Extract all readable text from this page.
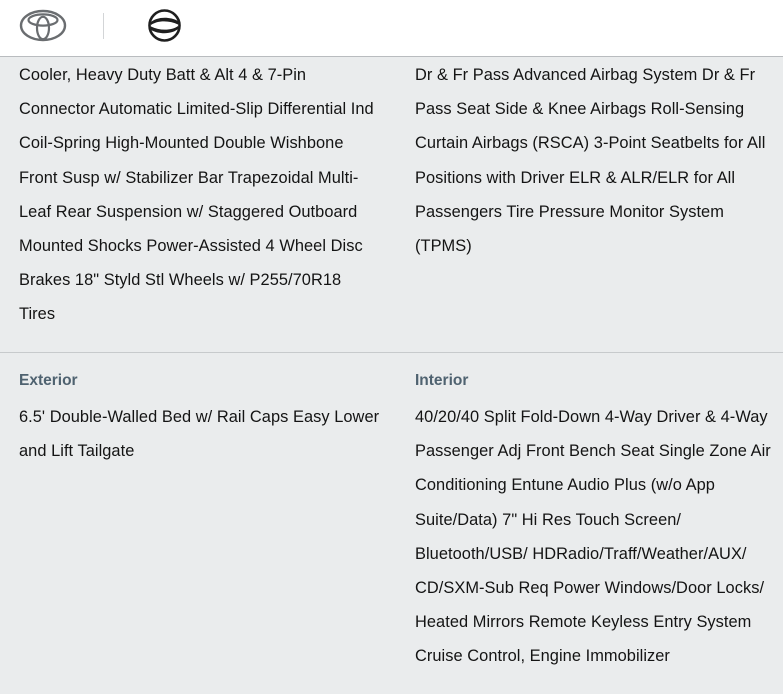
Cooler, Heavy Duty Batt & Alt 4 & 7-Pin Connector Automatic Limited-Slip Differential Ind Coil-Spring High-Mounted Double Wishbone Front Susp w/ Stabilizer Bar Trapezoidal Multi-Leaf Rear Suspension w/ Staggered Outboard Mounted Shocks Power-Assisted 4 Wheel Disc Brakes 18" Styld Stl Wheels w/ P255/70R18 Tires

Dr & Fr Pass Advanced Airbag System Dr & Fr Pass Seat Side & Knee Airbags Roll-Sensing Curtain Airbags (RSCA) 3-Point Seatbelts for All Positions with Driver ELR & ALR/ELR for All Passengers Tire Pressure Monitor System (TPMS)

Exterior

6.5' Double-Walled Bed w/ Rail Caps Easy Lower and Lift Tailgate

Interior

40/20/40 Split Fold-Down 4-Way Driver & 4-Way Passenger Adj Front Bench Seat Single Zone Air Conditioning Entune Audio Plus (w/o App Suite/Data) 7" Hi Res Touch Screen/ Bluetooth/USB/ HDRadio/Traff/Weather/AUX/ CD/SXM-Sub Req Power Windows/Door Locks/ Heated Mirrors Remote Keyless Entry System Cruise Control, Engine Immobilizer
